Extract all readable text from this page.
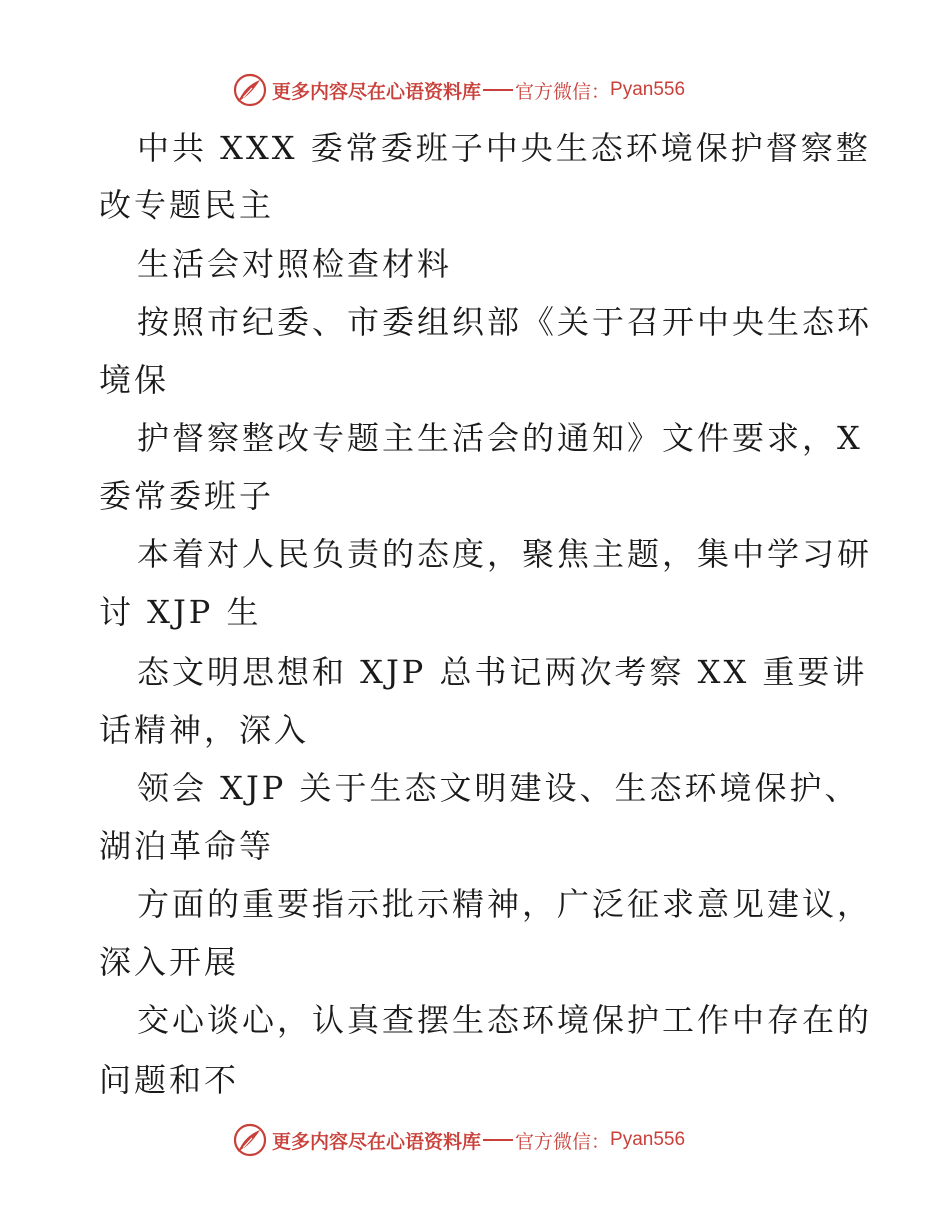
更多内容尽在心语资料库 官方微信： Pyan556
中共 XXX 委常委班子中央生态环境保护督察整
改专题民主
生活会对照检查材料
按照市纪委、市委组织部《关于召开中央生态环
境保
护督察整改专题主生活会的通知》文件要求，X
委常委班子
本着对人民负责的态度，聚焦主题，集中学习研
讨 XJP 生
态文明思想和 XJP 总书记两次考察 XX 重要讲
话精神，深入
领会 XJP 关于生态文明建设、生态环境保护、
湖泊革命等
方面的重要指示批示精神，广泛征求意见建议，
深入开展
交心谈心，认真查摆生态环境保护工作中存在的
问题和不
更多内容尽在心语资料库 官方微信： Pyan556
